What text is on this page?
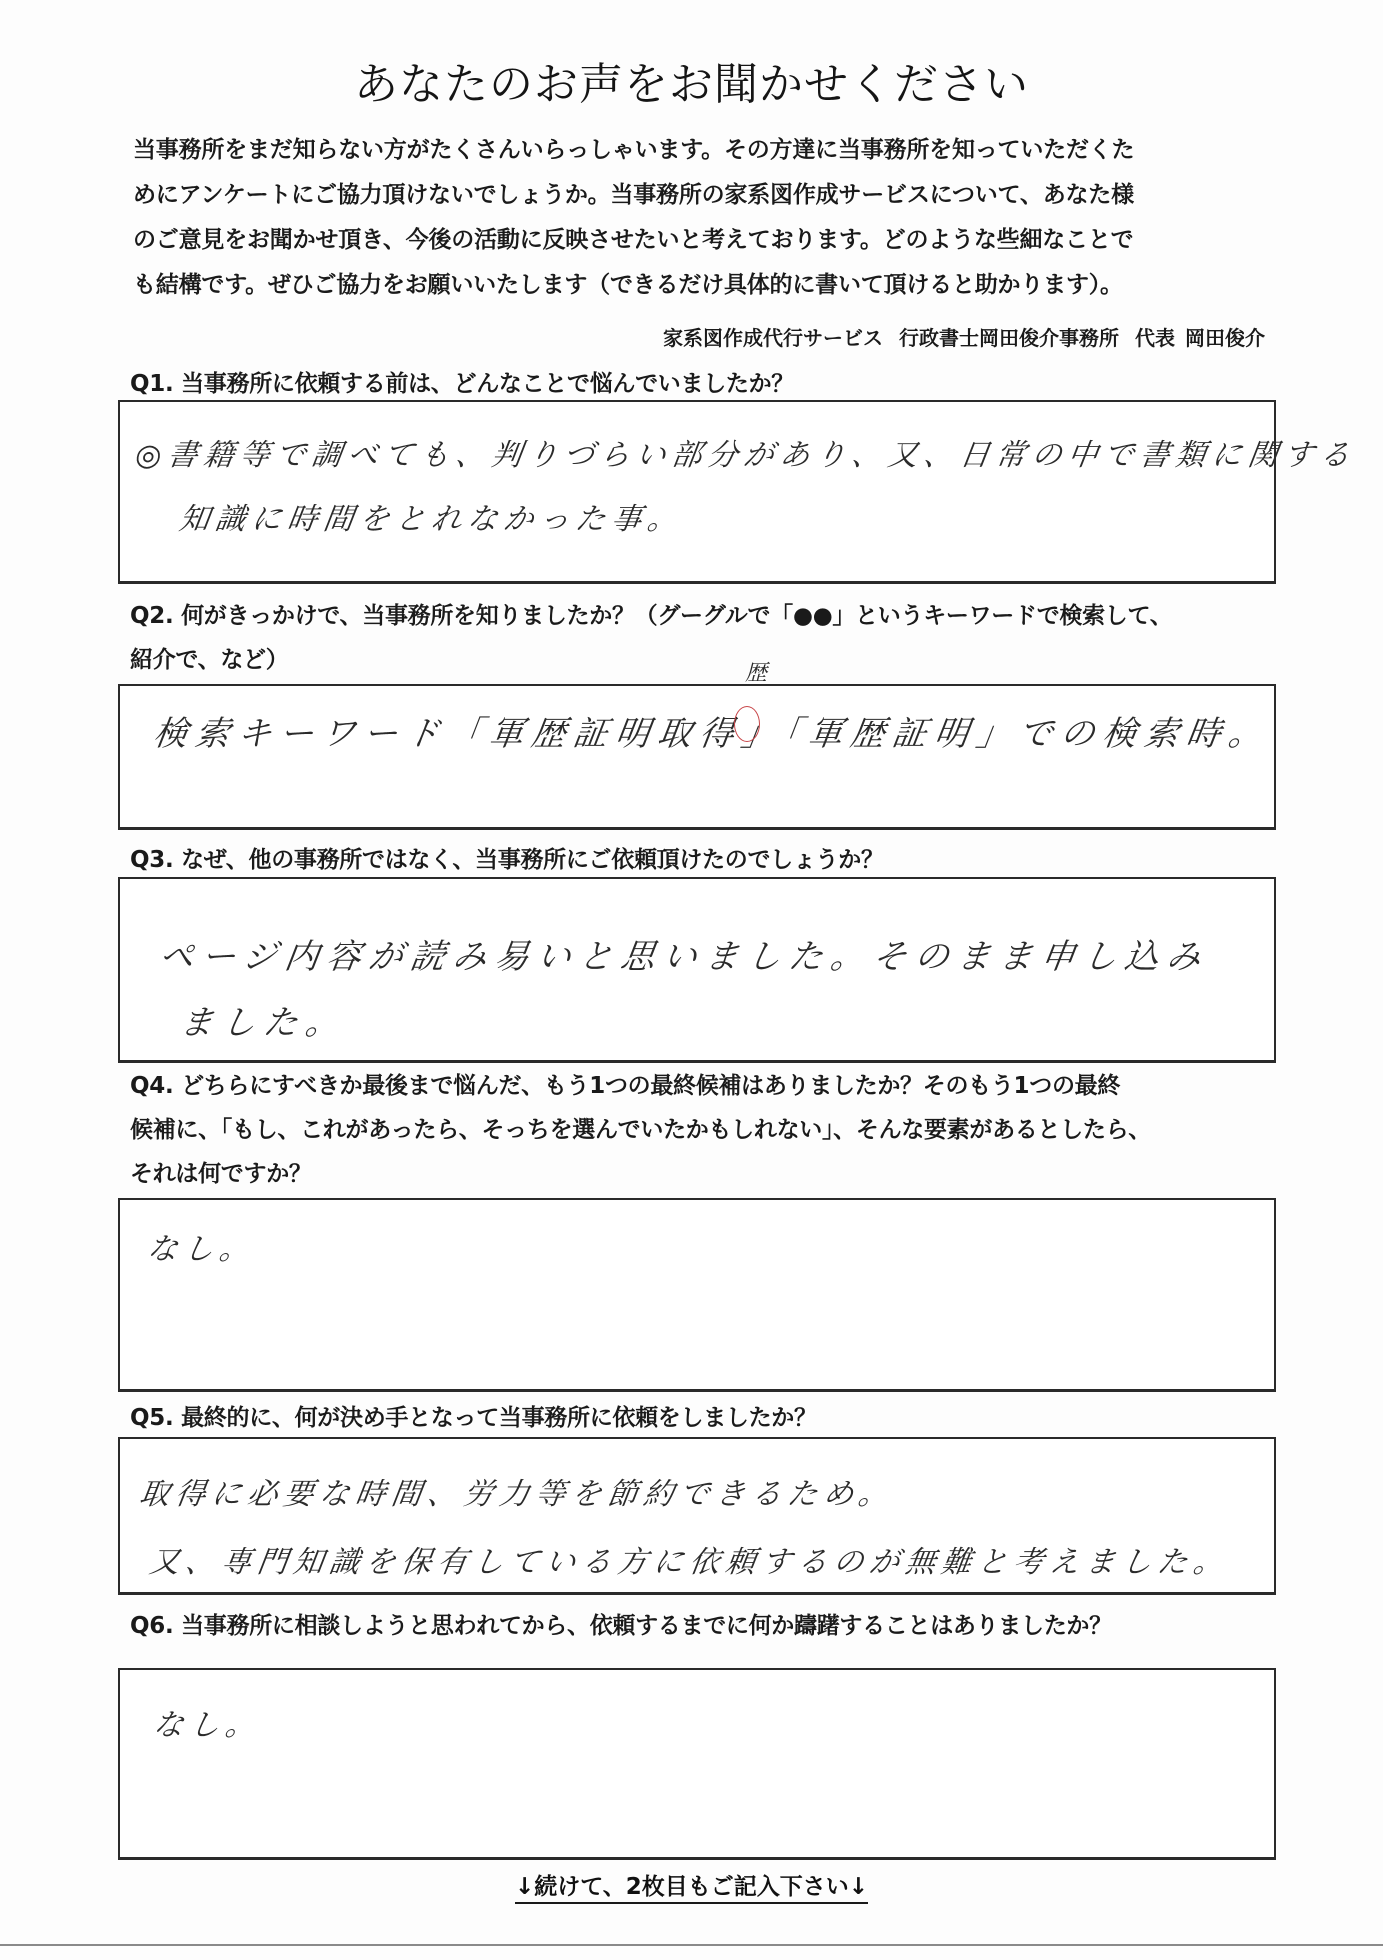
あなたのお声をお聞かせください

当事務所をまだ知らない方がたくさんいらっしゃいます。その方達に当事務所を知っていただくた

めにアンケートにご協力頂けないでしょうか。当事務所の家系図作成サービスについて、あなた様

のご意見をお聞かせ頂き、今後の活動に反映させたいと考えております。どのような些細なことで

も結構です。ぜひご協力をお願いいたします（できるだけ具体的に書いて頂けると助かります）。

家系図作成代行サービス 行政書士岡田俊介事務所 代表 岡田俊介

Q1. 当事務所に依頼する前は、どんなことで悩んでいましたか？

◎書籍等で調べても、判りづらい部分があり、又、日常の中で書類に関する
知識に時間をとれなかった事。

Q2. 何がきっかけで、当事務所を知りましたか？（グーグルで「●●」というキーワードで検索して、

紹介で、など）

検索キーワード「軍歴証明取得」「軍歴証明」での検索時。
歴

Q3. なぜ、他の事務所ではなく、当事務所にご依頼頂けたのでしょうか？

ページ内容が読み易いと思いました。そのまま申し込み
ました。

Q4. どちらにすべきか最後まで悩んだ、もう1つの最終候補はありましたか？そのもう1つの最終

候補に、「もし、これがあったら、そっちを選んでいたかもしれない」、そんな要素があるとしたら、

それは何ですか？

なし。

Q5. 最終的に、何が決め手となって当事務所に依頼をしましたか？

取得に必要な時間、労力等を節約できるため。
又、専門知識を保有している方に依頼するのが無難と考えました。

Q6. 当事務所に相談しようと思われてから、依頼するまでに何か躊躇することはありましたか？

なし。
↓続けて、2枚目もご記入下さい↓
